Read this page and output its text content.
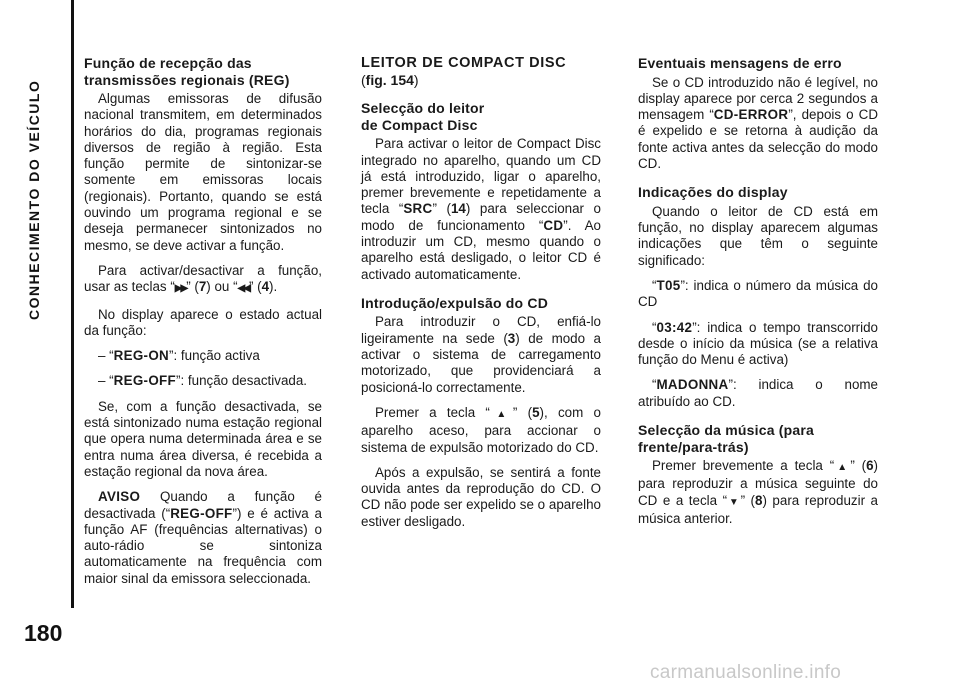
CONHECIMENTO DO VEÍCULO
180
Função de recepção das transmissões regionais (REG)

Algumas emissoras de difusão nacional transmitem, em determinados horários do dia, programas regionais diversos de região à região. Esta função permite de sintonizar-se somente em emissoras locais (regionais). Portanto, quando se está ouvindo um programa regional e se deseja permanecer sintonizados no mesmo, se deve activar a função.

Para activar/desactivar a função, usar as teclas “▶▶” (7) ou “◀◀” (4).

No display aparece o estado actual da função:

– “REG-ON”: função activa

– “REG-OFF”: função desactivada.

Se, com a função desactivada, se está sintonizado numa estação regional que opera numa determinada área e se entra numa área diversa, é recebida a estação regional da nova área.

AVISO Quando a função é desactivada (“REG-OFF”) e é activa a função AF (frequências alternativas) o auto-rádio se sintoniza automaticamente na frequência com maior sinal da emissora seleccionada.

LEITOR DE COMPACT DISC
(fig. 154)
Selecção do leitor de Compact Disc

Para activar o leitor de Compact Disc integrado no aparelho, quando um CD já está introduzido, ligar o aparelho, premer brevemente e repetidamente a tecla “SRC” (14) para seleccionar o modo de funcionamento “CD”. Ao introduzir um CD, mesmo quando o aparelho está desligado, o leitor CD é activado automaticamente.

Introdução/expulsão do CD

Para introduzir o CD, enfiá-lo ligeiramente na sede (3) de modo a activar o sistema de carregamento motorizado, que providenciará a posicioná-lo correctamente.

Premer a tecla “▲” (5), com o aparelho aceso, para accionar o sistema de expulsão motorizado do CD.

Após a expulsão, se sentirá a fonte ouvida antes da reprodução do CD. O CD não pode ser expelido se o aparelho estiver desligado.

Eventuais mensagens de erro

Se o CD introduzido não é legível, no display aparece por cerca 2 segundos a mensagem “CD-ERROR”, depois o CD é expelido e se retorna à audição da fonte activa antes da selecção do modo CD.

Indicações do display

Quando o leitor de CD está em função, no display aparecem algumas indicações que têm o seguinte significado:

“T05”: indica o número da música do CD

“03:42”: indica o tempo transcorrido desde o início da música (se a relativa função do Menu é activa)

“MADONNA”: indica o nome atribuído ao CD.

Selecção da música (para frente/para-trás)

Premer brevemente a tecla “▲” (6) para reproduzir a música seguinte do CD e a tecla “▼” (8) para reproduzir a música anterior.

carmanualsonline.info
